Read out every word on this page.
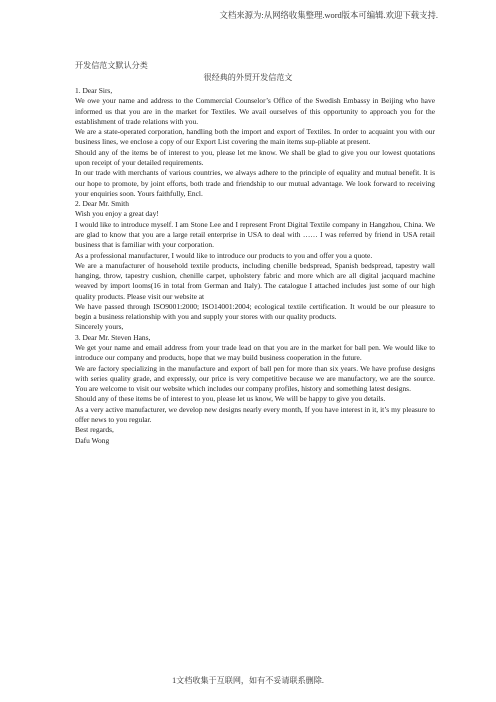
文档来源为:从网络收集整理.word版本可编辑.欢迎下载支持.
开发信范文默认分类
很经典的外贸开发信范文

1. Dear Sirs,

We owe your name and address to the Commercial Counselor’s Office of the Swedish Embassy in Beijing who have informed us that you are in the market for Textiles. We avail ourselves of this opportunity to approach you for the establishment of trade relations with you.

We are a state-operated corporation, handling both the import and export of Textiles. In order to acquaint you with our business lines, we enclose a copy of our Export List covering the main items sup-pliable at present.

Should any of the items be of interest to you, please let me know. We shall be glad to give you our lowest quotations upon receipt of your detailed requirements.

In our trade with merchants of various countries, we always adhere to the principle of equality and mutual benefit. It is our hope to promote, by joint efforts, both trade and friendship to our mutual advantage. We look forward to receiving your enquiries soon. Yours faithfully, Encl.

2. Dear Mr. Smith

Wish you enjoy a great day!

I would like to introduce myself. I am Stone Lee and I represent Front Digital Textile company in Hangzhou, China. We are glad to know that you are a large retail enterprise in USA to deal with …… I was referred by friend in USA retail business that is familiar with your corporation.

As a professional manufacturer, I would like to introduce our products to you and offer you a quote.

We are a manufacturer of household textile products, including chenille bedspread, Spanish bedspread, tapestry wall hanging, throw, tapestry cushion, chenille carpet, upholstery fabric and more which are all digital jacquard machine weaved by import looms(16 in total from German and Italy). The catalogue I attached includes just some of our high quality products. Please visit our website at

We have passed through ISO9001:2000; ISO14001:2004; ecological textile certification. It would be our pleasure to begin a business relationship with you and supply your stores with our quality products.

Sincerely yours,

3. Dear Mr. Steven Hans,

We get your name and email address from your trade lead on that you are in the market for ball pen. We would like to introduce our company and products, hope that we may build business cooperation in the future.

We are factory specializing in the manufacture and export of ball pen for more than six years. We have profuse designs with series quality grade, and expressly, our price is very competitive because we are manufactory, we are the source. You are welcome to visit our website which includes our company profiles, history and something latest designs.

Should any of these items be of interest to you, please let us know, We will be happy to give you details.

As a very active manufacturer, we develop new designs nearly every month, If you have interest in it, it’s my pleasure to offer news to you regular.

Best regards,

Dafu Wong

1文档收集于互联网，如有不妥请联系删除.
